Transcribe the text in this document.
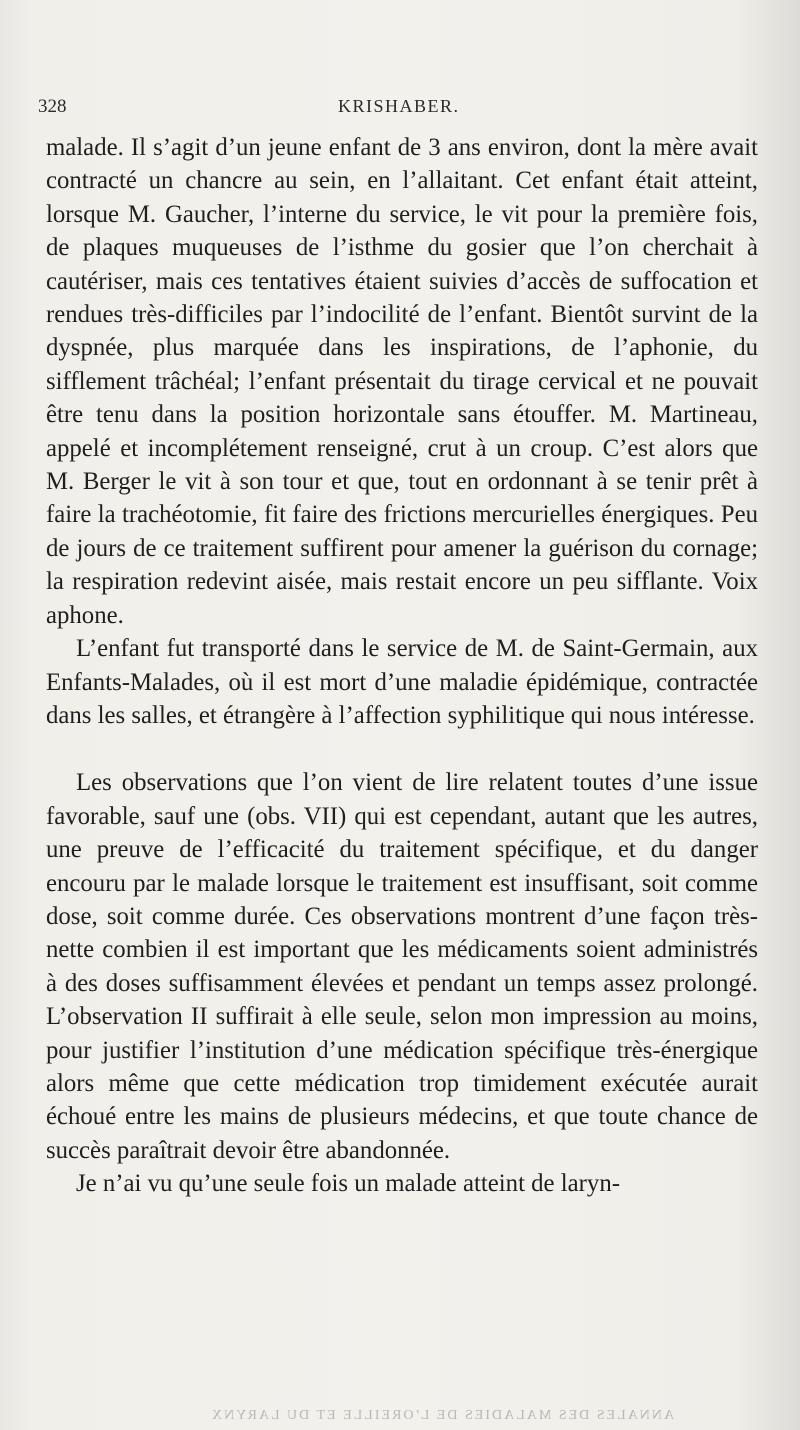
328	KRISHABER.

malade. Il s’agit d’un jeune enfant de 3 ans environ, dont la mère avait contracté un chancre au sein, en l’allaitant. Cet enfant était atteint, lorsque M. Gaucher, l’interne du service, le vit pour la première fois, de plaques muqueuses de l’isthme du gosier que l’on cherchait à cautériser, mais ces tentatives étaient suivies d’accès de suffocation et rendues très-difficiles par l’indocilité de l’enfant. Bientôt survint de la dyspnée, plus marquée dans les inspirations, de l’aphonie, du sifflement trâchéal; l’enfant présentait du tirage cervical et ne pouvait être tenu dans la position horizontale sans étouffer. M. Martineau, appelé et incomplétement renseigné, crut à un croup. C’est alors que M. Berger le vit à son tour et que, tout en ordonnant à se tenir prêt à faire la trachéotomie, fit faire des frictions mercurielles énergiques. Peu de jours de ce traitement suffirent pour amener la guérison du cornage; la respiration redevint aisée, mais restait encore un peu sifflante. Voix aphone.

L’enfant fut transporté dans le service de M. de Saint-Germain, aux Enfants-Malades, où il est mort d’une maladie épidémique, contractée dans les salles, et étrangère à l’affection syphilitique qui nous intéresse.

Les observations que l’on vient de lire relatent toutes d’une issue favorable, sauf une (obs. VII) qui est cependant, autant que les autres, une preuve de l’efficacité du traitement spécifique, et du danger encouru par le malade lorsque le traitement est insuffisant, soit comme dose, soit comme durée. Ces observations montrent d’une façon très-nette combien il est important que les médicaments soient administrés à des doses suffisamment élevées et pendant un temps assez prolongé. L’observation II suffirait à elle seule, selon mon impression au moins, pour justifier l’institution d’une médication spécifique très-énergique alors même que cette médication trop timidement exécutée aurait échoué entre les mains de plusieurs médecins, et que toute chance de succès paraîtrait devoir être abandonnée.

Je n’ai vu qu’une seule fois un malade atteint de laryn-

ANNALES DES MALADIES DE L’OREILLE ET DU LARYNX
